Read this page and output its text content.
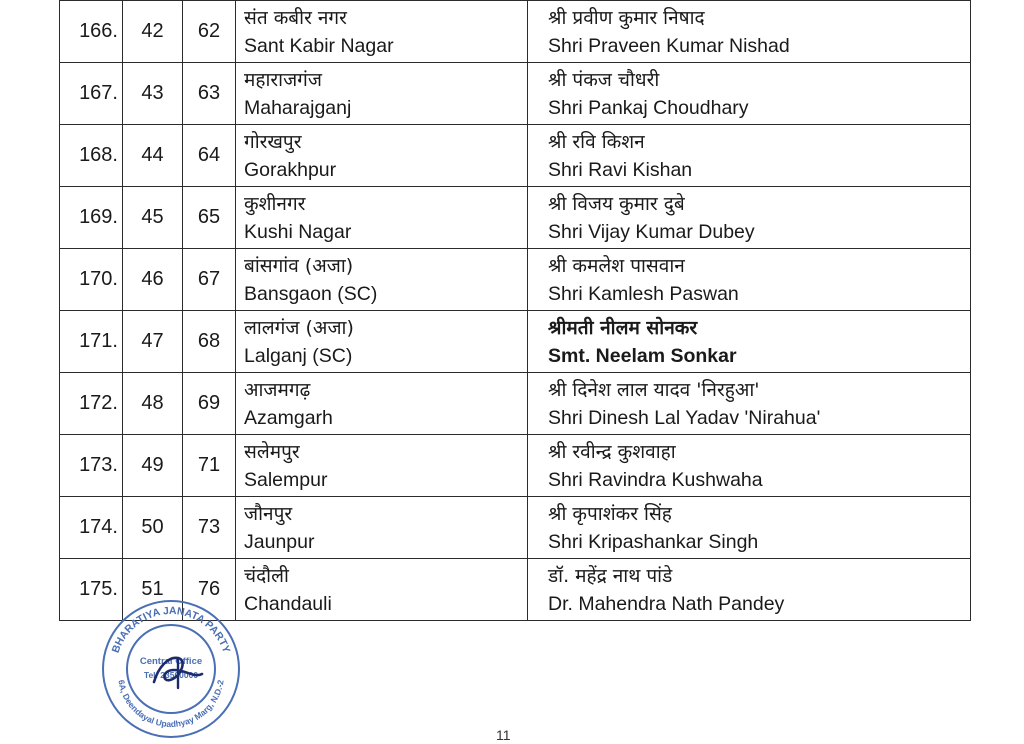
166.	42	62	संत कबीर नगर
Sant Kabir Nagar	श्री प्रवीण कुमार निषाद
Shri Praveen Kumar Nishad

167.	43	63	महाराजगंज
Maharajganj	श्री पंकज चौधरी
Shri Pankaj Choudhary

168.	44	64	गोरखपुर
Gorakhpur	श्री रवि किशन
Shri Ravi Kishan

169.	45	65	कुशीनगर
Kushi Nagar	श्री विजय कुमार दुबे
Shri Vijay Kumar Dubey

170.	46	67	बांसगांव (अजा)
Bansgaon (SC)	श्री कमलेश पासवान
Shri Kamlesh Paswan

171.	47	68	लालगंज (अजा)
Lalganj (SC)	श्रीमती नीलम सोनकर
Smt. Neelam Sonkar

172.	48	69	आजमगढ़
Azamgarh	श्री दिनेश लाल यादव 'निरहुआ'
Shri Dinesh Lal Yadav 'Nirahua'

173.	49	71	सलेमपुर
Salempur	श्री रवीन्द्र कुशवाहा
Shri Ravindra Kushwaha

174.	50	73	जौनपुर
Jaunpur	श्री कृपाशंकर सिंह
Shri Kripashankar Singh

175.	51	76	चंदौली
Chandauli	डॉ. महेंद्र नाथ पांडे
Dr. Mahendra Nath Pandey
BHARATIYA JANATA PARTY
6A, Deendayal Upadhyay Marg, N.D.-2
Central Office
Tel. 23500000
11
